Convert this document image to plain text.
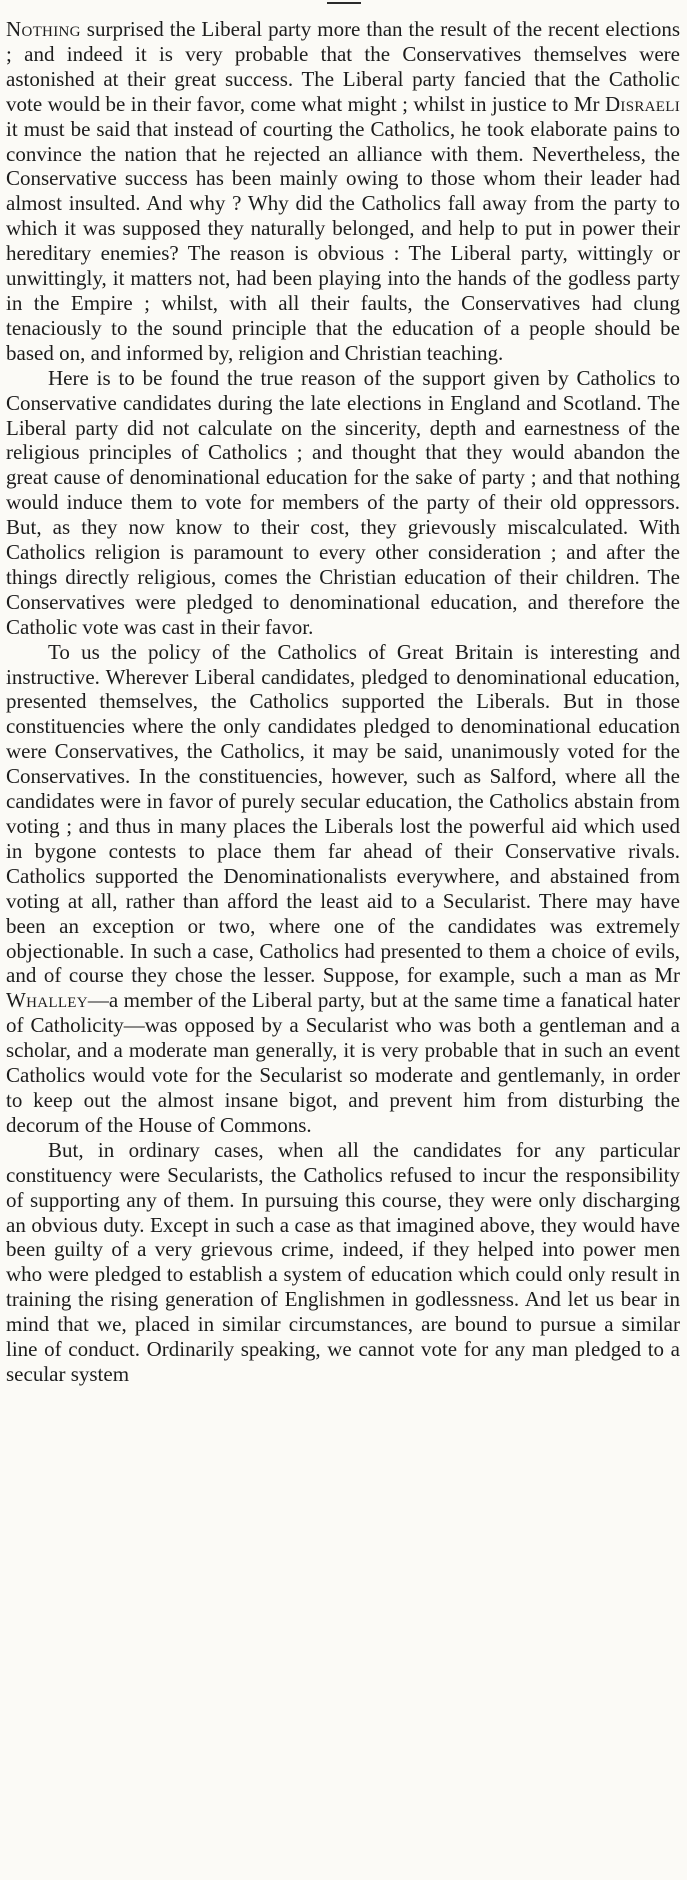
Nothing surprised the Liberal party more than the result of the recent elections ; and indeed it is very probable that the Conservatives themselves were astonished at their great success. The Liberal party fancied that the Catholic vote would be in their favor, come what might ; whilst in justice to Mr Disraeli it must be said that instead of courting the Catholics, he took elaborate pains to convince the nation that he rejected an alliance with them. Nevertheless, the Conservative success has been mainly owing to those whom their leader had almost insulted. And why ? Why did the Catholics fall away from the party to which it was supposed they naturally belonged, and help to put in power their hereditary enemies? The reason is obvious : The Liberal party, wittingly or unwittingly, it matters not, had been playing into the hands of the godless party in the Empire ; whilst, with all their faults, the Conservatives had clung tenaciously to the sound principle that the education of a people should be based on, and informed by, religion and Christian teaching.

Here is to be found the true reason of the support given by Catholics to Conservative candidates during the late elections in England and Scotland. The Liberal party did not calculate on the sincerity, depth and earnestness of the religious principles of Catholics ; and thought that they would abandon the great cause of denominational education for the sake of party ; and that nothing would induce them to vote for members of the party of their old oppressors. But, as they now know to their cost, they grievously miscalculated. With Catholics religion is paramount to every other consideration ; and after the things directly religious, comes the Christian education of their children. The Conservatives were pledged to denominational education, and therefore the Catholic vote was cast in their favor.

To us the policy of the Catholics of Great Britain is interesting and instructive. Wherever Liberal candidates, pledged to denominational education, presented themselves, the Catholics supported the Liberals. But in those constituencies where the only candidates pledged to denominational education were Conservatives, the Catholics, it may be said, unanimously voted for the Conservatives. In the constituencies, however, such as Salford, where all the candidates were in favor of purely secular education, the Catholics abstain from voting ; and thus in many places the Liberals lost the powerful aid which used in bygone contests to place them far ahead of their Conservative rivals. Catholics supported the Denominationalists everywhere, and abstained from voting at all, rather than afford the least aid to a Secularist. There may have been an exception or two, where one of the candidates was extremely objectionable. In such a case, Catholics had presented to them a choice of evils, and of course they chose the lesser. Suppose, for example, such a man as Mr Whalley—a member of the Liberal party, but at the same time a fanatical hater of Catholicity—was opposed by a Secularist who was both a gentleman and a scholar, and a moderate man generally, it is very probable that in such an event Catholics would vote for the Secularist so moderate and gentlemanly, in order to keep out the almost insane bigot, and prevent him from disturbing the decorum of the House of Commons.

But, in ordinary cases, when all the candidates for any particular constituency were Secularists, the Catholics refused to incur the responsibility of supporting any of them. In pursuing this course, they were only discharging an obvious duty. Except in such a case as that imagined above, they would have been guilty of a very grievous crime, indeed, if they helped into power men who were pledged to establish a system of education which could only result in training the rising generation of Englishmen in godlessness. And let us bear in mind that we, placed in similar circumstances, are bound to pursue a similar line of conduct. Ordinarily speaking, we cannot vote for any man pledged to a secular system
